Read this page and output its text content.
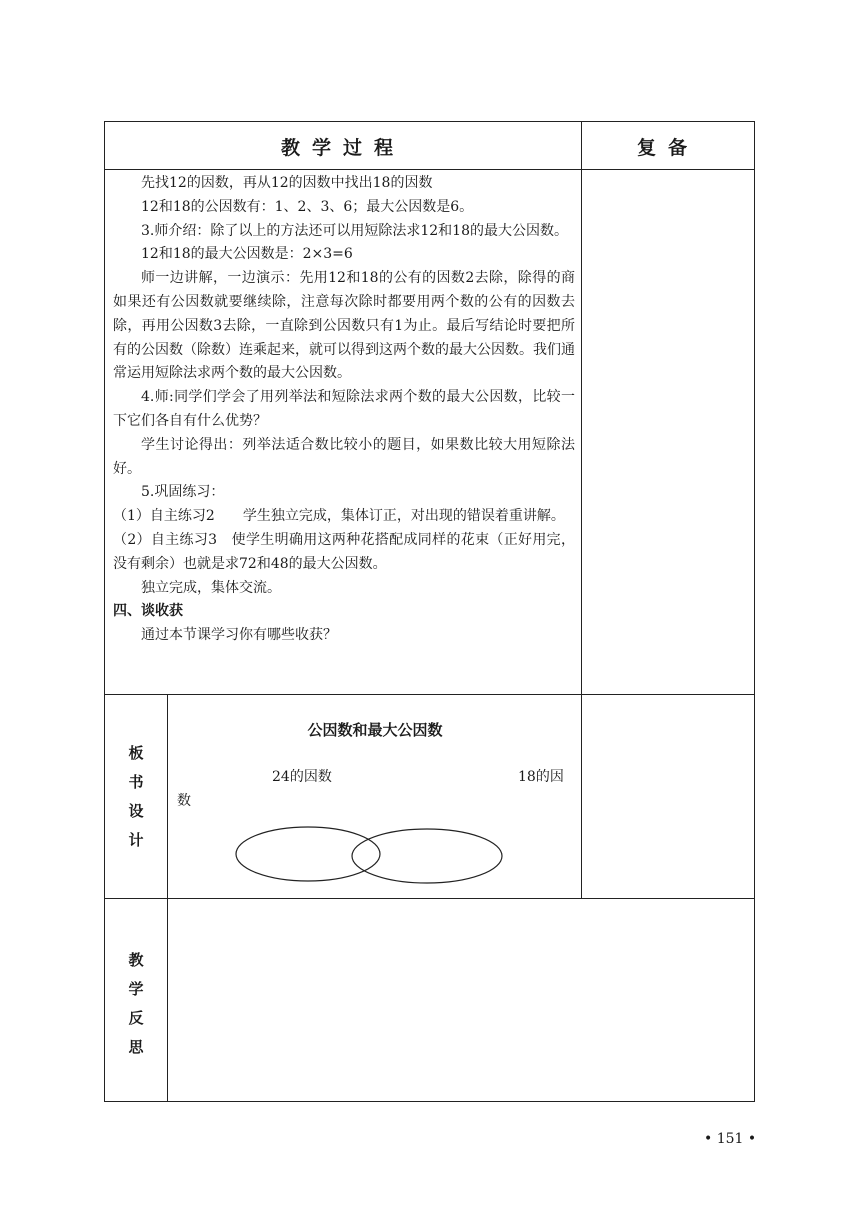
教学过程	复备

先找12的因数，再从12的因数中找出18的因数

12和18的公因数有：1、2、3、6；最大公因数是6。

3.师介绍：除了以上的方法还可以用短除法求12和18的最大公因数。

12和18的最大公因数是：2×3=6

师一边讲解，一边演示：先用12和18的公有的因数2去除，除得的商如果还有公因数就要继续除，注意每次除时都要用两个数的公有的因数去除，再用公因数3去除，一直除到公因数只有1为止。最后写结论时要把所有的公因数（除数）连乘起来，就可以得到这两个数的最大公因数。我们通常运用短除法求两个数的最大公因数。

4.师:同学们学会了用列举法和短除法求两个数的最大公因数，比较一下它们各自有什么优势？

学生讨论得出：列举法适合数比较小的题目，如果数比较大用短除法好。

5.巩固练习：

（1）自主练习2　　学生独立完成，集体订正，对出现的错误着重讲解。

（2）自主练习3　使学生明确用这两种花搭配成同样的花束（正好用完，没有剩余）也就是求72和48的最大公因数。

独立完成，集体交流。

四、谈收获

通过本节课学习你有哪些收获？

板
书
设
计
公因数和最大公因数
24的因数	18的因
数
教
学
反
思
• 151 •
